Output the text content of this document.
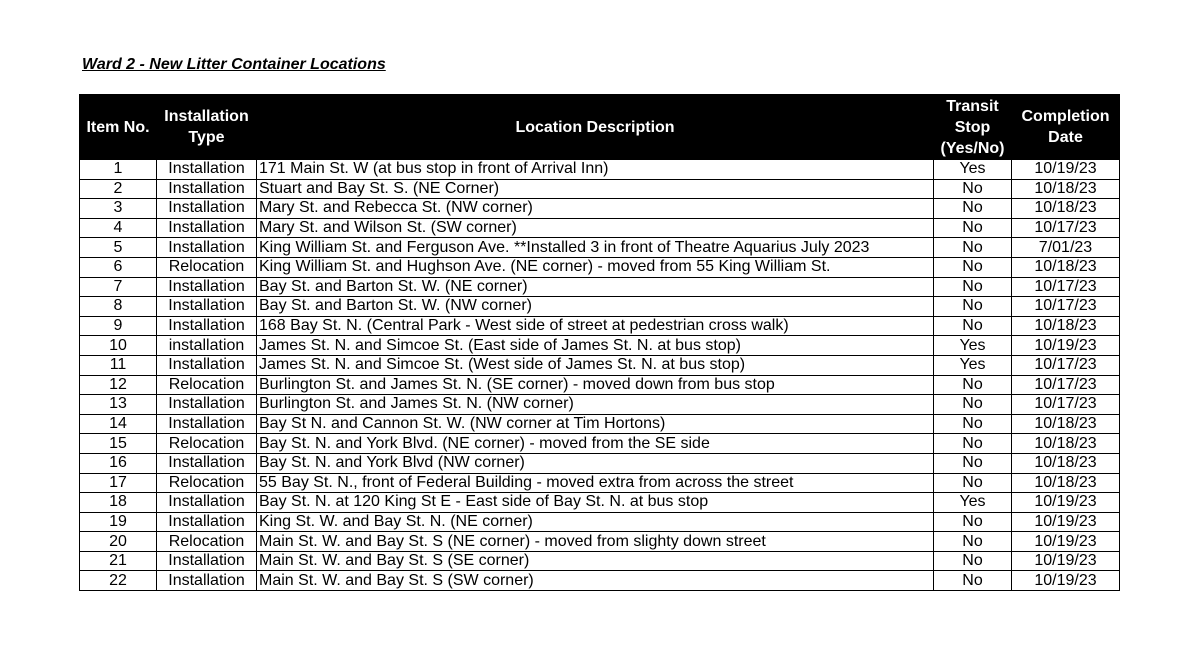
Ward 2 - New Litter Container Locations
Item No.	Installation Type	Location Description	Transit Stop (Yes/No)	Completion Date
1	Installation	171 Main St. W (at bus stop in front of Arrival Inn)	Yes	10/19/23
2	Installation	Stuart and Bay St. S. (NE Corner)	No	10/18/23
3	Installation	Mary St. and Rebecca St. (NW corner)	No	10/18/23
4	Installation	Mary St. and Wilson St. (SW corner)	No	10/17/23
5	Installation	King William St. and Ferguson Ave. **Installed 3 in front of Theatre Aquarius July 2023	No	7/01/23
6	Relocation	King William St. and Hughson Ave. (NE corner) - moved from 55 King William St.	No	10/18/23
7	Installation	Bay St. and Barton St. W. (NE corner)	No	10/17/23
8	Installation	Bay St. and Barton St. W. (NW corner)	No	10/17/23
9	Installation	168 Bay St. N. (Central Park - West side of street at pedestrian cross walk)	No	10/18/23
10	installation	James St. N. and Simcoe St. (East side of James St. N. at bus stop)	Yes	10/19/23
11	Installation	James St. N. and Simcoe St. (West side of James St. N. at bus stop)	Yes	10/17/23
12	Relocation	Burlington St. and James St. N. (SE corner) - moved down from bus stop	No	10/17/23
13	Installation	Burlington St. and James St. N. (NW corner)	No	10/17/23
14	Installation	Bay St N. and Cannon St. W. (NW corner at Tim Hortons)	No	10/18/23
15	Relocation	Bay St. N. and York Blvd. (NE corner) - moved from the SE side	No	10/18/23
16	Installation	Bay St. N. and York Blvd (NW corner)	No	10/18/23
17	Relocation	55 Bay St. N., front of Federal Building - moved extra from across the street	No	10/18/23
18	Installation	Bay St. N. at 120 King St E - East side of Bay St. N. at bus stop	Yes	10/19/23
19	Installation	King St. W. and Bay St. N. (NE corner)	No	10/19/23
20	Relocation	Main St. W. and Bay St. S (NE corner) - moved from slighty down street	No	10/19/23
21	Installation	Main St. W. and Bay St. S (SE corner)	No	10/19/23
22	Installation	Main St. W. and Bay St. S (SW corner)	No	10/19/23
